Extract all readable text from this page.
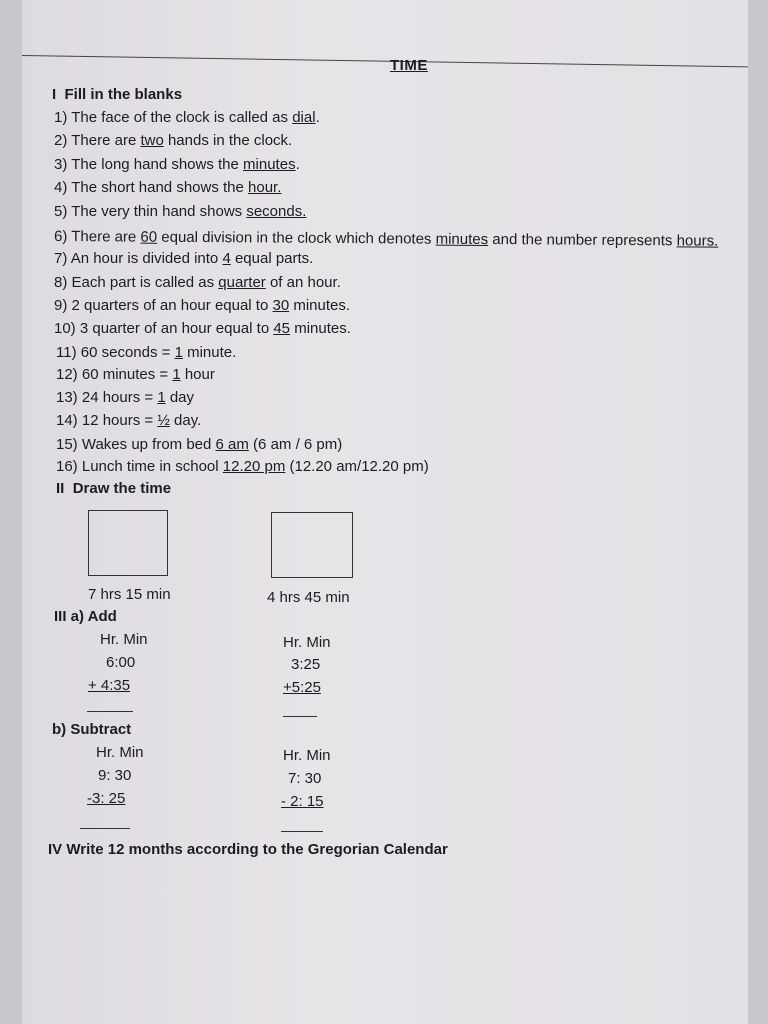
TIME
I Fill in the blanks
1) The face of the clock is called as dial.
2) There are two hands in the clock.
3) The long hand shows the minutes.
4) The short hand shows the hour.
5) The very thin hand shows seconds.
6) There are 60 equal division in the clock which denotes minutes and the number represents hours.
7) An hour is divided into 4 equal parts.
8) Each part is called as quarter of an hour.
9) 2 quarters of an hour equal to 30 minutes.
10) 3 quarter of an hour equal to 45 minutes.
11) 60 seconds = 1 minute.
12) 60 minutes = 1 hour
13) 24 hours = 1 day
14) 12 hours = ½ day.
15) Wakes up from bed 6 am (6 am / 6 pm)
16) Lunch time in school 12.20 pm (12.20 am/12.20 pm)
II Draw the time
7 hrs 15 min	4 hrs 45 min
III a) Add
Hr. Min
6:00
+ 4:35
Hr. Min
3:25
+5:25
b) Subtract
Hr. Min
9: 30
-3: 25
Hr. Min
7: 30
- 2: 15
IV Write 12 months according to the Gregorian Calendar
